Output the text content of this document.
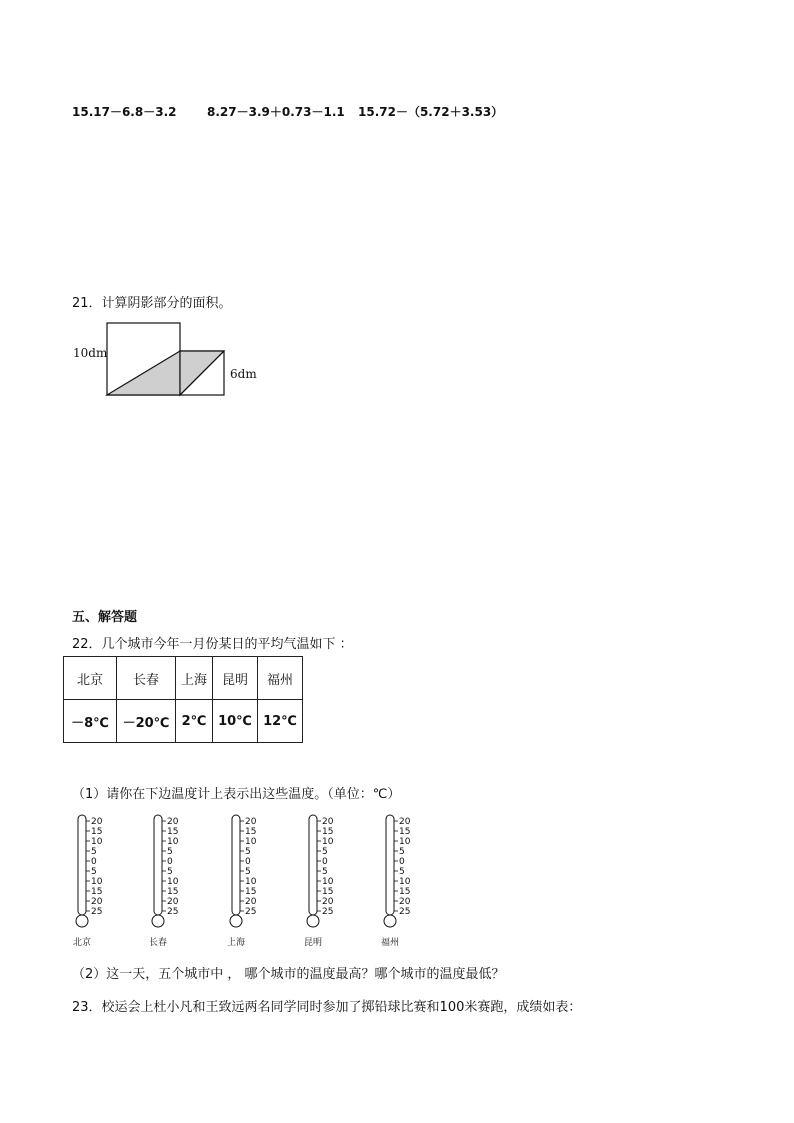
15.17－6.8－3.2	8.27－3.9＋0.73－1.1 15.72－（5.72＋3.53）
21．计算阴影部分的面积。
10dm
6dm
五、解答题
22．几个城市今年一月份某日的平均气温如下 ：
北京	长春	上海	昆明	福州
－8℃	－20℃	2℃	10℃	12℃
（1）请你在下边温度计上表示出这些温度。（单位：℃）
20
15
10
5
0
5
10
15
20
25
北京
20
15
10
5
0
5
10
15
20
25
长春
20
15
10
5
0
5
10
15
20
25
上海
20
15
10
5
0
5
10
15
20
25
昆明
20
15
10
5
0
5
10
15
20
25
福州
（2）这一天，五个城市中 ， 哪个城市的温度最高？哪个城市的温度最低？
23．校运会上杜小凡和王致远两名同学同时参加了掷铅球比赛和100米赛跑，成绩如表：
